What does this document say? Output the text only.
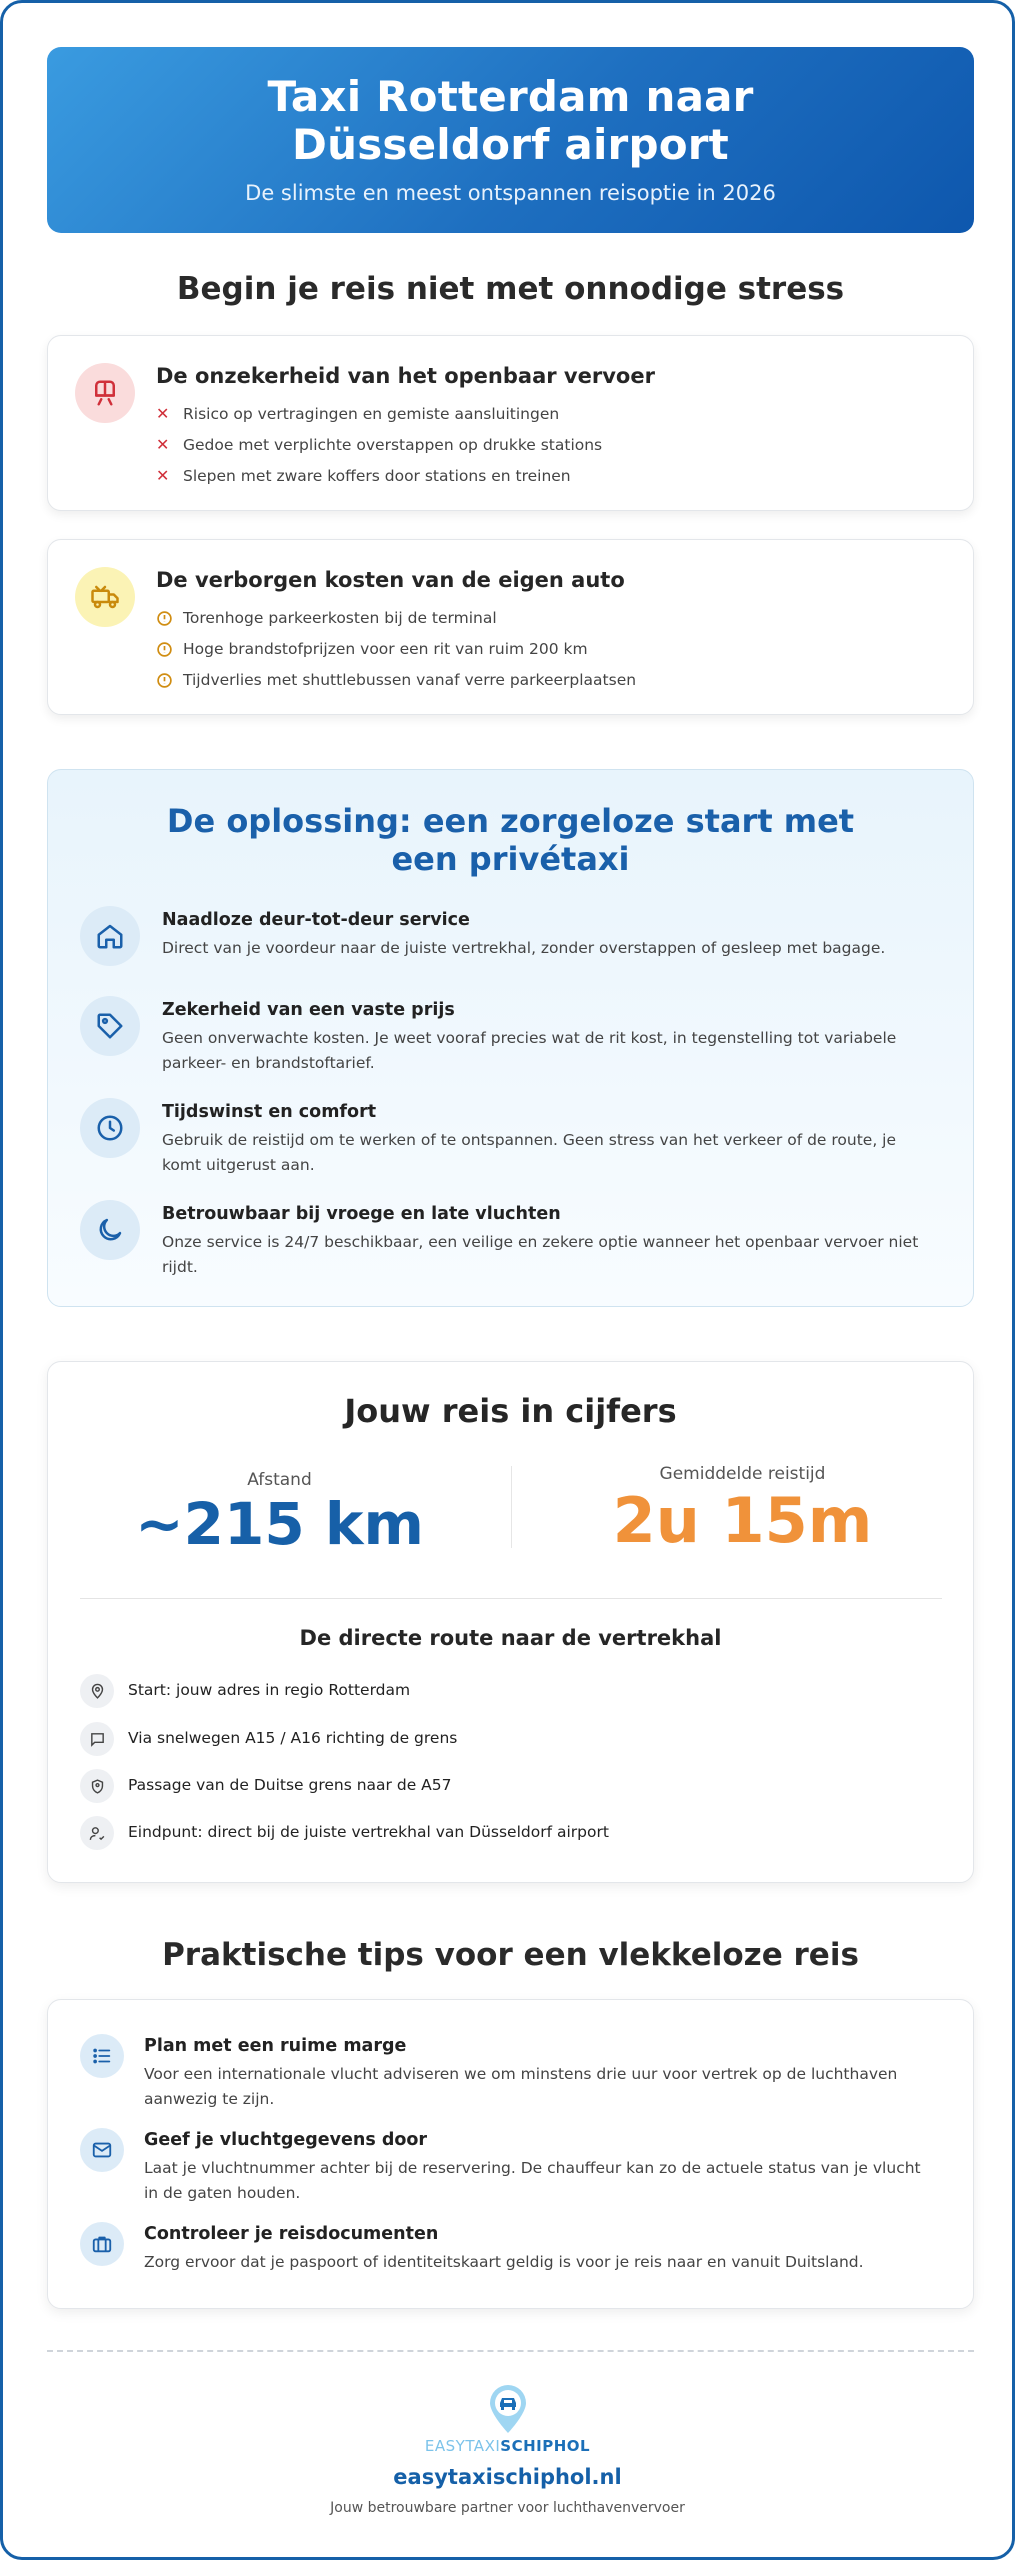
Taxi Rotterdam naar Düsseldorf airport

De slimste en meest ontspannen reisoptie in 2026

Begin je reis niet met onnodige stress
De onzekerheid van het openbaar vervoer
✕ Risico op vertragingen en gemiste aansluitingen
✕ Gedoe met verplichte overstappen op drukke stations
✕ Slepen met zware koffers door stations en treinen
De verborgen kosten van de eigen auto
Torenhoge parkeerkosten bij de terminal
Hoge brandstofprijzen voor een rit van ruim 200 km
Tijdverlies met shuttlebussen vanaf verre parkeerplaatsen
De oplossing: een zorgeloze start met een privétaxi
Naadloze deur-tot-deur service
Direct van je voordeur naar de juiste vertrekhal, zonder overstappen of gesleep met bagage.
Zekerheid van een vaste prijs
Geen onverwachte kosten. Je weet vooraf precies wat de rit kost, in tegenstelling tot variabele parkeer- en brandstoftarief.
Tijdswinst en comfort
Gebruik de reistijd om te werken of te ontspannen. Geen stress van het verkeer of de route, je komt uitgerust aan.
Betrouwbaar bij vroege en late vluchten
Onze service is 24/7 beschikbaar, een veilige en zekere optie wanneer het openbaar vervoer niet rijdt.
Jouw reis in cijfers
Afstand
~215 km
Gemiddelde reistijd
2u 15m
De directe route naar de vertrekhal
Start: jouw adres in regio Rotterdam
Via snelwegen A15 / A16 richting de grens
Passage van de Duitse grens naar de A57
Eindpunt: direct bij de juiste vertrekhal van Düsseldorf airport
Praktische tips voor een vlekkeloze reis
Plan met een ruime marge
Voor een internationale vlucht adviseren we om minstens drie uur voor vertrek op de luchthaven aanwezig te zijn.
Geef je vluchtgegevens door
Laat je vluchtnummer achter bij de reservering. De chauffeur kan zo de actuele status van je vlucht in de gaten houden.
Controleer je reisdocumenten
Zorg ervoor dat je paspoort of identiteitskaart geldig is voor je reis naar en vanuit Duitsland.
EASYTAXISCHIPHOL
easytaxischiphol.nl
Jouw betrouwbare partner voor luchthavenvervoer
